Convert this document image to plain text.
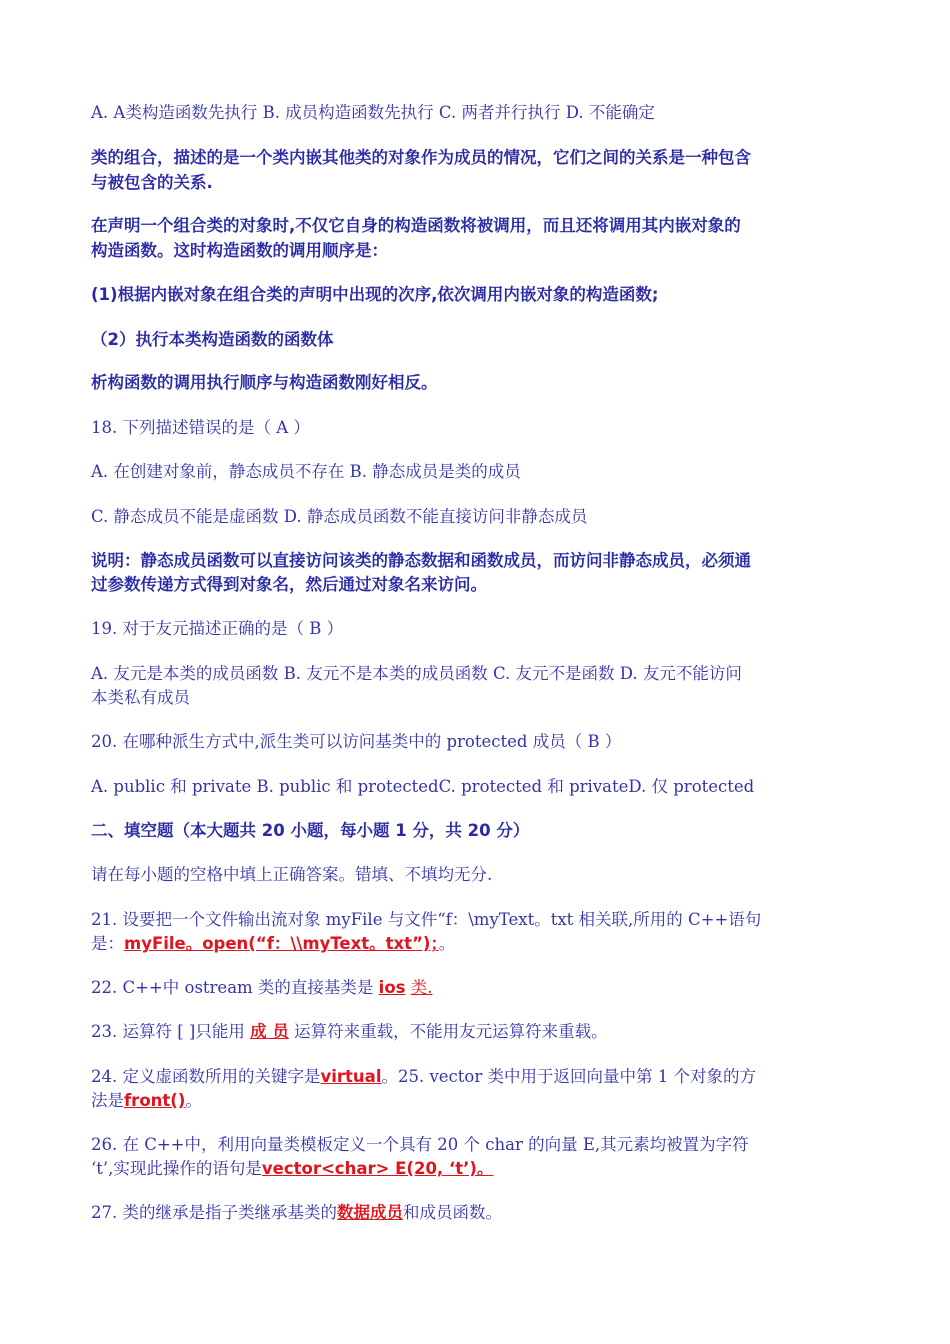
A. A类构造函数先执行 B. 成员构造函数先执行 C. 两者并行执行 D. 不能确定
类的组合，描述的是一个类内嵌其他类的对象作为成员的情况，它们之间的关系是一种包含
与被包含的关系.
在声明一个组合类的对象时,不仅它自身的构造函数将被调用，而且还将调用其内嵌对象的
构造函数。这时构造函数的调用顺序是：
(1)根据内嵌对象在组合类的声明中出现的次序,依次调用内嵌对象的构造函数;
（2）执行本类构造函数的函数体
析构函数的调用执行顺序与构造函数刚好相反。
18. 下列描述错误的是（ A ）
A. 在创建对象前，静态成员不存在 B. 静态成员是类的成员
C. 静态成员不能是虚函数 D. 静态成员函数不能直接访问非静态成员
说明：静态成员函数可以直接访问该类的静态数据和函数成员，而访问非静态成员，必须通
过参数传递方式得到对象名，然后通过对象名来访问。
19. 对于友元描述正确的是（ B ）
A. 友元是本类的成员函数 B. 友元不是本类的成员函数 C. 友元不是函数 D. 友元不能访问
本类私有成员
20. 在哪种派生方式中,派生类可以访问基类中的 protected 成员（ B ）
A. public 和 private B. public 和 protectedC. protected 和 privateD. 仅 protected
二、填空题（本大题共 20 小题，每小题 1 分，共 20 分）
请在每小题的空格中填上正确答案。错填、不填均无分.
21. 设要把一个文件输出流对象 myFile 与文件“f：\myText。txt 相关联,所用的 C++语句
是：myFile。open(“f：\\myText。txt”)；。
22. C++中 ostream 类的直接基类是 ios 类.
23. 运算符 [ ]只能用 成 员 运算符来重载，不能用友元运算符来重载。
24. 定义虚函数所用的关键字是virtual。25. vector 类中用于返回向量中第 1 个对象的方
法是front()。
26. 在 C++中，利用向量类模板定义一个具有 20 个 char 的向量 E,其元素均被置为字符
‘t’,实现此操作的语句是vector<char> E(20, ‘t’)。
27. 类的继承是指子类继承基类的数据成员和成员函数。
